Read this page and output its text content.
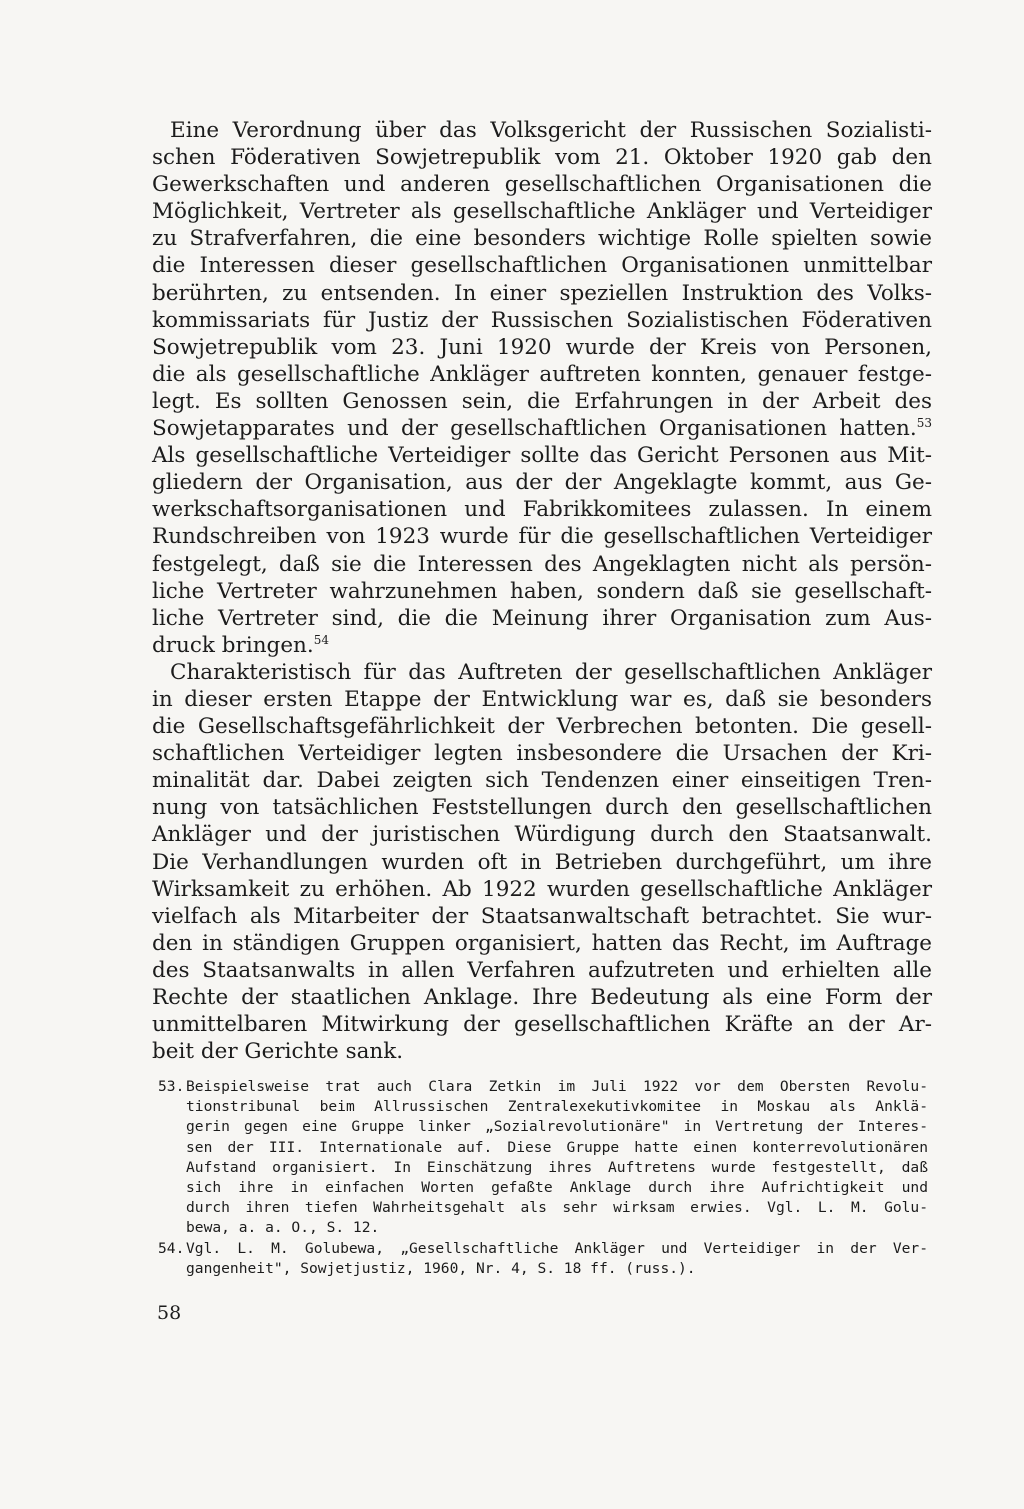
Eine Verordnung über das Volksgericht der Russischen Sozialisti-
schen Föderativen Sowjetrepublik vom 21. Oktober 1920 gab den
Gewerkschaften und anderen gesellschaftlichen Organisationen die
Möglichkeit, Vertreter als gesellschaftliche Ankläger und Verteidiger
zu Strafverfahren, die eine besonders wichtige Rolle spielten sowie
die Interessen dieser gesellschaftlichen Organisationen unmittelbar
berührten, zu entsenden. In einer speziellen Instruktion des Volks-
kommissariats für Justiz der Russischen Sozialistischen Föderativen
Sowjetrepublik vom 23. Juni 1920 wurde der Kreis von Personen,
die als gesellschaftliche Ankläger auftreten konnten, genauer festge-
legt. Es sollten Genossen sein, die Erfahrungen in der Arbeit des
Sowjetapparates und der gesellschaftlichen Organisationen hatten.$^{53}$
Als gesellschaftliche Verteidiger sollte das Gericht Personen aus Mit-
gliedern der Organisation, aus der der Angeklagte kommt, aus Ge-
werkschaftsorganisationen und Fabrikkomitees zulassen. In einem
Rundschreiben von 1923 wurde für die gesellschaftlichen Verteidiger
festgelegt, daß sie die Interessen des Angeklagten nicht als persön-
liche Vertreter wahrzunehmen haben, sondern daß sie gesellschaft-
liche Vertreter sind, die die Meinung ihrer Organisation zum Aus-
druck bringen.$^{54}$
Charakteristisch für das Auftreten der gesellschaftlichen Ankläger
in dieser ersten Etappe der Entwicklung war es, daß sie besonders
die Gesellschaftsgefährlichkeit der Verbrechen betonten. Die gesell-
schaftlichen Verteidiger legten insbesondere die Ursachen der Kri-
minalität dar. Dabei zeigten sich Tendenzen einer einseitigen Tren-
nung von tatsächlichen Feststellungen durch den gesellschaftlichen
Ankläger und der juristischen Würdigung durch den Staatsanwalt.
Die Verhandlungen wurden oft in Betrieben durchgeführt, um ihre
Wirksamkeit zu erhöhen. Ab 1922 wurden gesellschaftliche Ankläger
vielfach als Mitarbeiter der Staatsanwaltschaft betrachtet. Sie wur-
den in ständigen Gruppen organisiert, hatten das Recht, im Auftrage
des Staatsanwalts in allen Verfahren aufzutreten und erhielten alle
Rechte der staatlichen Anklage. Ihre Bedeutung als eine Form der
unmittelbaren Mitwirkung der gesellschaftlichen Kräfte an der Ar-
beit der Gerichte sank.
53. Beispielsweise trat auch Clara Zetkin im Juli 1922 vor dem Obersten Revolu-
tionstribunal beim Allrussischen Zentralexekutivkomitee in Moskau als Anklä-
gerin gegen eine Gruppe linker „Sozialrevolutionäre" in Vertretung der Interes-
sen der III. Internationale auf. Diese Gruppe hatte einen konterrevolutionären
Aufstand organisiert. In Einschätzung ihres Auftretens wurde festgestellt, daß
sich ihre in einfachen Worten gefaßte Anklage durch ihre Aufrichtigkeit und
durch ihren tiefen Wahrheitsgehalt als sehr wirksam erwies. Vgl. L. M. Golu-
bewa, a. a. O., S. 12.
54. Vgl. L. M. Golubewa, „Gesellschaftliche Ankläger und Verteidiger in der Ver-
gangenheit", Sowjetjustiz, 1960, Nr. 4, S. 18 ff. (russ.).
58
